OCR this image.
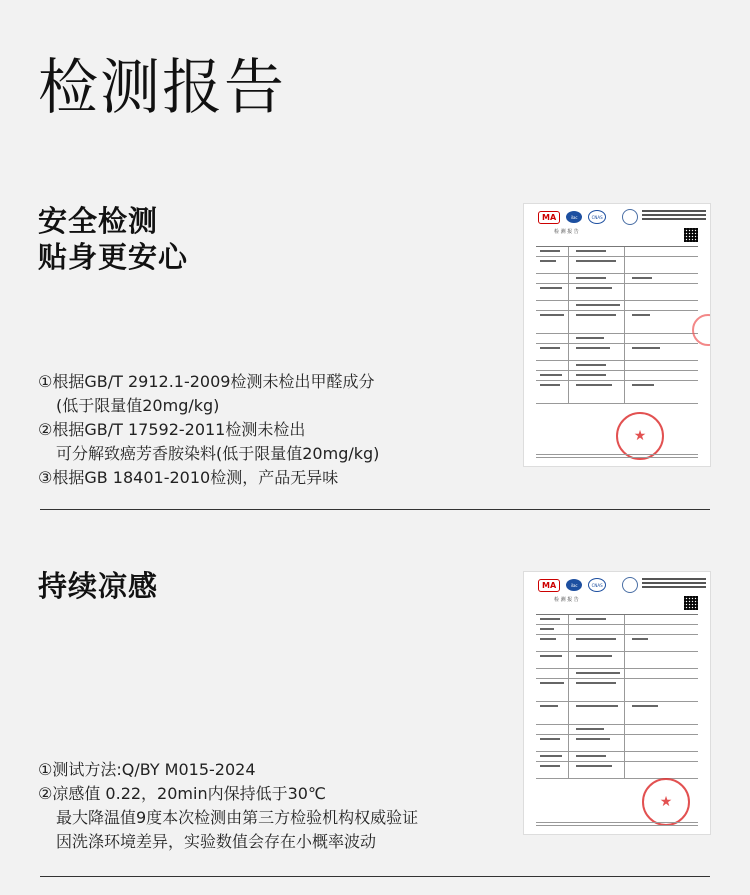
检测报告
安全检测
贴身更安心
①根据GB/T 2912.1-2009检测未检出甲醛成分
(低于限量值20mg/kg)
②根据GB/T 17592-2011检测未检出
可分解致癌芳香胺染料(低于限量值20mg/kg)
③根据GB 18401-2010检测，产品无异味
MA	ilac	CNAS
检 测 报 告
★
持续凉感
①测试方法:Q/BY M015-2024
②凉感值 0.22，20min内保持低于30℃
最大降温值9度本次检测由第三方检验机构权威验证
因洗涤环境差异，实验数值会存在小概率波动
MA	ilac	CNAS
检 测 报 告
★
